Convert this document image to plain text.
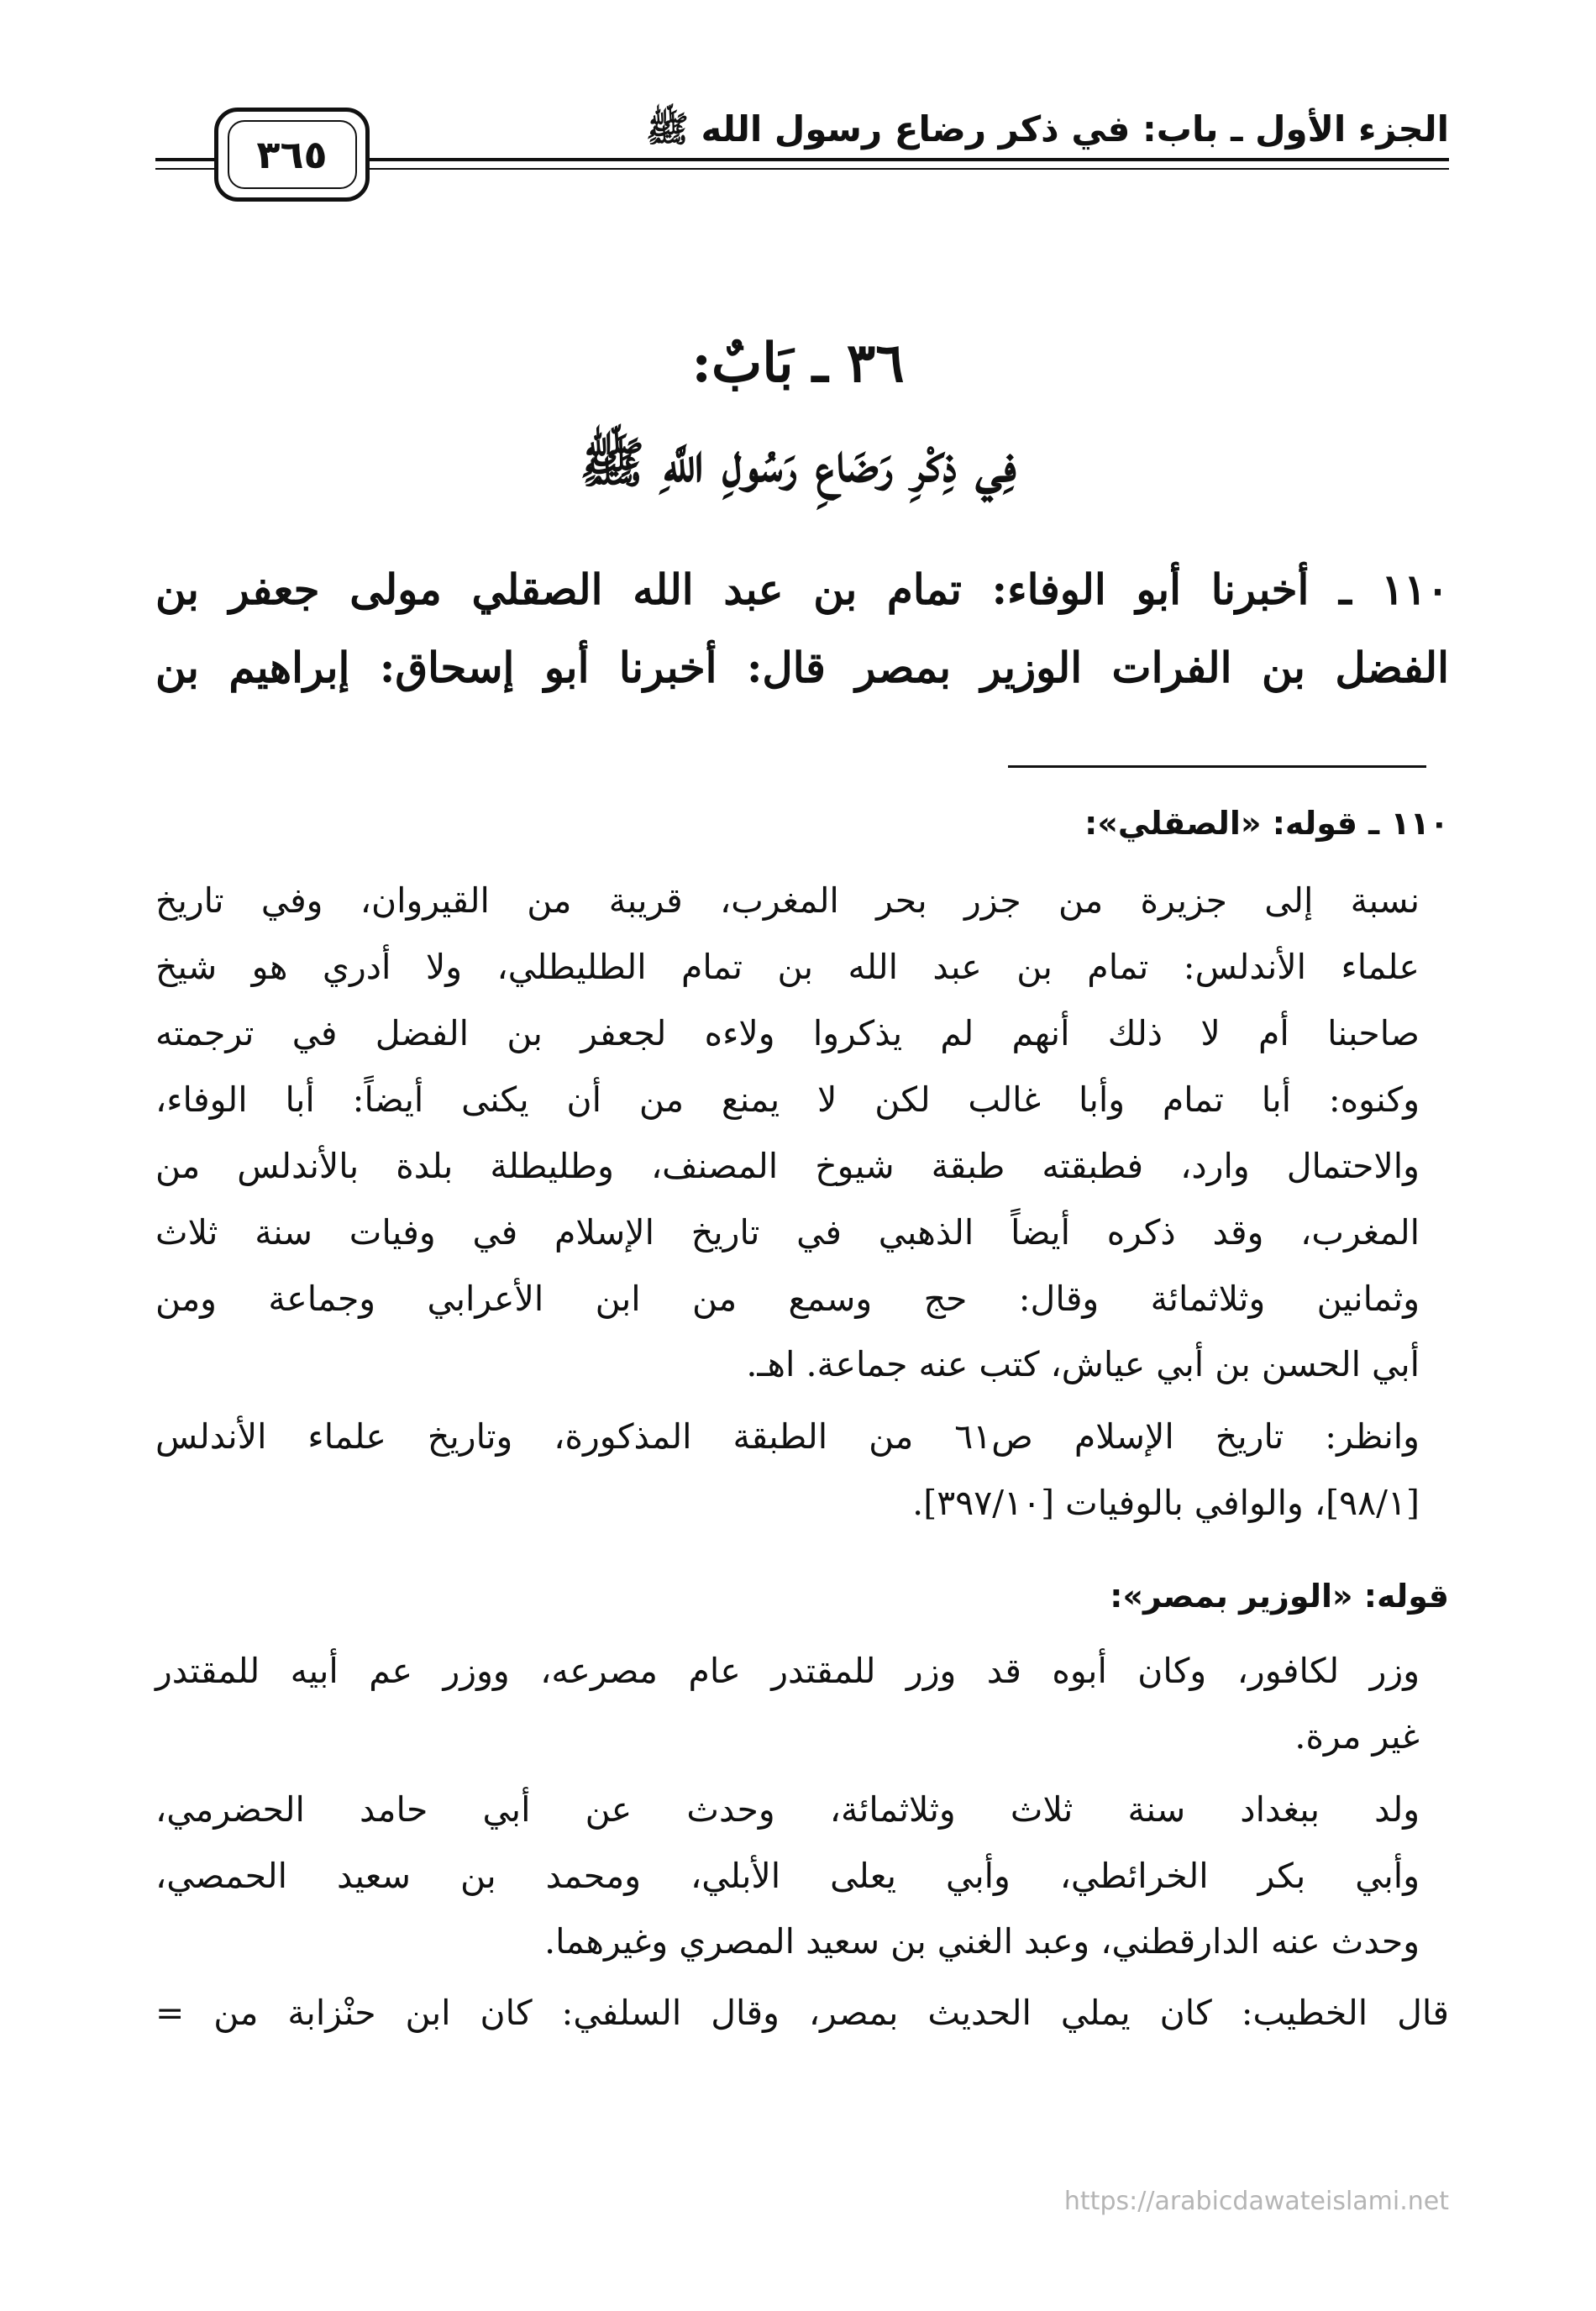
الجزء الأول ـ باب: في ذكر رضاع رسول الله ﷺ
٣٦٥
٣٦ ـ بَابٌ:
فِي ذِكْرِ رَضَاعِ رَسُولِ اللَّهِ ﷺ
١١٠ ـ أخبرنا أبو الوفاء: تمام بن عبد الله الصقلي مولى جعفر بن
الفضل بن الفرات الوزير بمصر قال: أخبرنا أبو إسحاق: إبراهيم بن
١١٠ ـ قوله: «الصقلي»:
نسبة إلى جزيرة من جزر بحر المغرب، قريبة من القيروان، وفي تاريخ
علماء الأندلس: تمام بن عبد الله بن تمام الطليطلي، ولا أدري هو شيخ
صاحبنا أم لا ذلك أنهم لم يذكروا ولاءه لجعفر بن الفضل في ترجمته
وكنوه: أبا تمام وأبا غالب لكن لا يمنع من أن يكنى أيضاً: أبا الوفاء،
والاحتمال وارد، فطبقته طبقة شيوخ المصنف، وطليطلة بلدة بالأندلس من
المغرب، وقد ذكره أيضاً الذهبي في تاريخ الإسلام في وفيات سنة ثلاث
وثمانين وثلاثمائة وقال: حج وسمع من ابن الأعرابي وجماعة ومن
أبي الحسن بن أبي عياش، كتب عنه جماعة. اهـ.
وانظر: تاريخ الإسلام ص٦١ من الطبقة المذكورة، وتاريخ علماء الأندلس
[٩٨/١]، والوافي بالوفيات [٣٩٧/١٠].
قوله: «الوزير بمصر»:
وزر لكافور، وكان أبوه قد وزر للمقتدر عام مصرعه، ووزر عم أبيه للمقتدر
غير مرة.
ولد ببغداد سنة ثلاث وثلاثمائة، وحدث عن أبي حامد الحضرمي،
وأبي بكر الخرائطي، وأبي يعلى الأبلي، ومحمد بن سعيد الحمصي،
وحدث عنه الدارقطني، وعبد الغني بن سعيد المصري وغيرهما.
قال الخطيب: كان يملي الحديث بمصر، وقال السلفي: كان ابن حنْزابة من =
https://arabicdawateislami.net
